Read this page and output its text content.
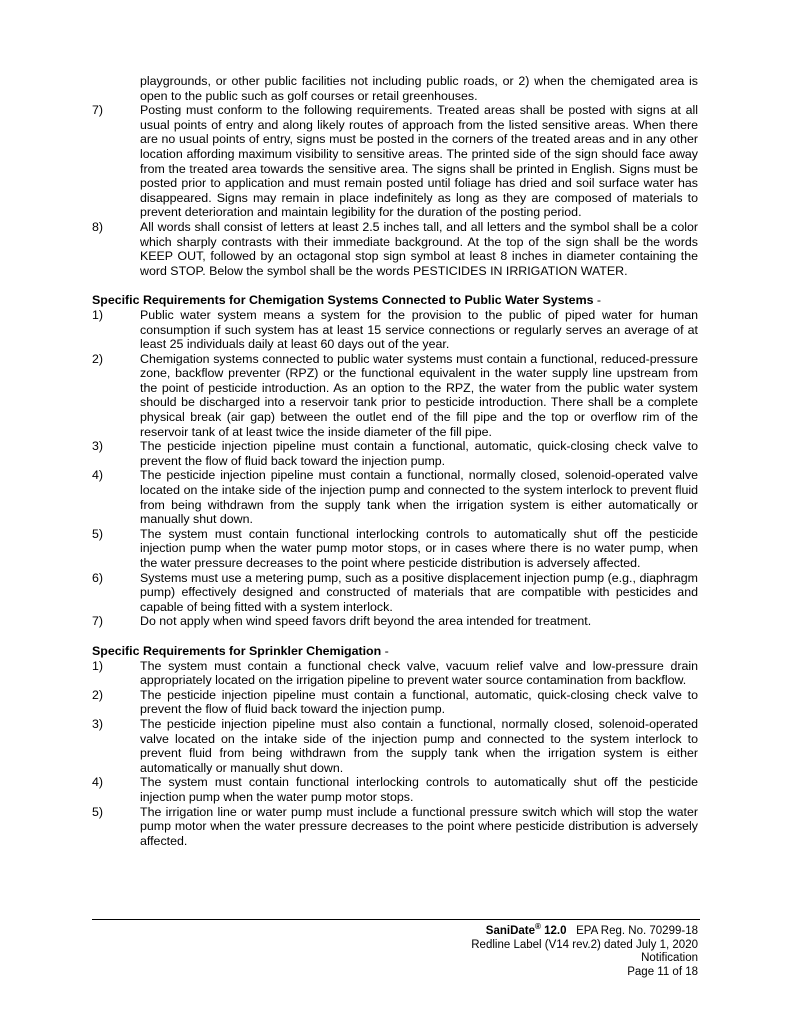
playgrounds, or other public facilities not including public roads, or 2) when the chemigated area is open to the public such as golf courses or retail greenhouses.
7)	Posting must conform to the following requirements. Treated areas shall be posted with signs at all usual points of entry and along likely routes of approach from the listed sensitive areas. When there are no usual points of entry, signs must be posted in the corners of the treated areas and in any other location affording maximum visibility to sensitive areas. The printed side of the sign should face away from the treated area towards the sensitive area. The signs shall be printed in English. Signs must be posted prior to application and must remain posted until foliage has dried and soil surface water has disappeared. Signs may remain in place indefinitely as long as they are composed of materials to prevent deterioration and maintain legibility for the duration of the posting period.
8)	All words shall consist of letters at least 2.5 inches tall, and all letters and the symbol shall be a color which sharply contrasts with their immediate background. At the top of the sign shall be the words KEEP OUT, followed by an octagonal stop sign symbol at least 8 inches in diameter containing the word STOP. Below the symbol shall be the words PESTICIDES IN IRRIGATION WATER.
Specific Requirements for Chemigation Systems Connected to Public Water Systems -
1)	Public water system means a system for the provision to the public of piped water for human consumption if such system has at least 15 service connections or regularly serves an average of at least 25 individuals daily at least 60 days out of the year.
2)	Chemigation systems connected to public water systems must contain a functional, reduced-pressure zone, backflow preventer (RPZ) or the functional equivalent in the water supply line upstream from the point of pesticide introduction. As an option to the RPZ, the water from the public water system should be discharged into a reservoir tank prior to pesticide introduction. There shall be a complete physical break (air gap) between the outlet end of the fill pipe and the top or overflow rim of the reservoir tank of at least twice the inside diameter of the fill pipe.
3)	The pesticide injection pipeline must contain a functional, automatic, quick-closing check valve to prevent the flow of fluid back toward the injection pump.
4)	The pesticide injection pipeline must contain a functional, normally closed, solenoid-operated valve located on the intake side of the injection pump and connected to the system interlock to prevent fluid from being withdrawn from the supply tank when the irrigation system is either automatically or manually shut down.
5)	The system must contain functional interlocking controls to automatically shut off the pesticide injection pump when the water pump motor stops, or in cases where there is no water pump, when the water pressure decreases to the point where pesticide distribution is adversely affected.
6)	Systems must use a metering pump, such as a positive displacement injection pump (e.g., diaphragm pump) effectively designed and constructed of materials that are compatible with pesticides and capable of being fitted with a system interlock.
7)	Do not apply when wind speed favors drift beyond the area intended for treatment.
Specific Requirements for Sprinkler Chemigation -
1)	The system must contain a functional check valve, vacuum relief valve and low-pressure drain appropriately located on the irrigation pipeline to prevent water source contamination from backflow.
2)	The pesticide injection pipeline must contain a functional, automatic, quick-closing check valve to prevent the flow of fluid back toward the injection pump.
3)	The pesticide injection pipeline must also contain a functional, normally closed, solenoid-operated valve located on the intake side of the injection pump and connected to the system interlock to prevent fluid from being withdrawn from the supply tank when the irrigation system is either automatically or manually shut down.
4)	The system must contain functional interlocking controls to automatically shut off the pesticide injection pump when the water pump motor stops.
5)	The irrigation line or water pump must include a functional pressure switch which will stop the water pump motor when the water pressure decreases to the point where pesticide distribution is adversely affected.
SaniDate® 12.0 EPA Reg. No. 70299-18
Redline Label (V14 rev.2) dated July 1, 2020
Notification
Page 11 of 18
